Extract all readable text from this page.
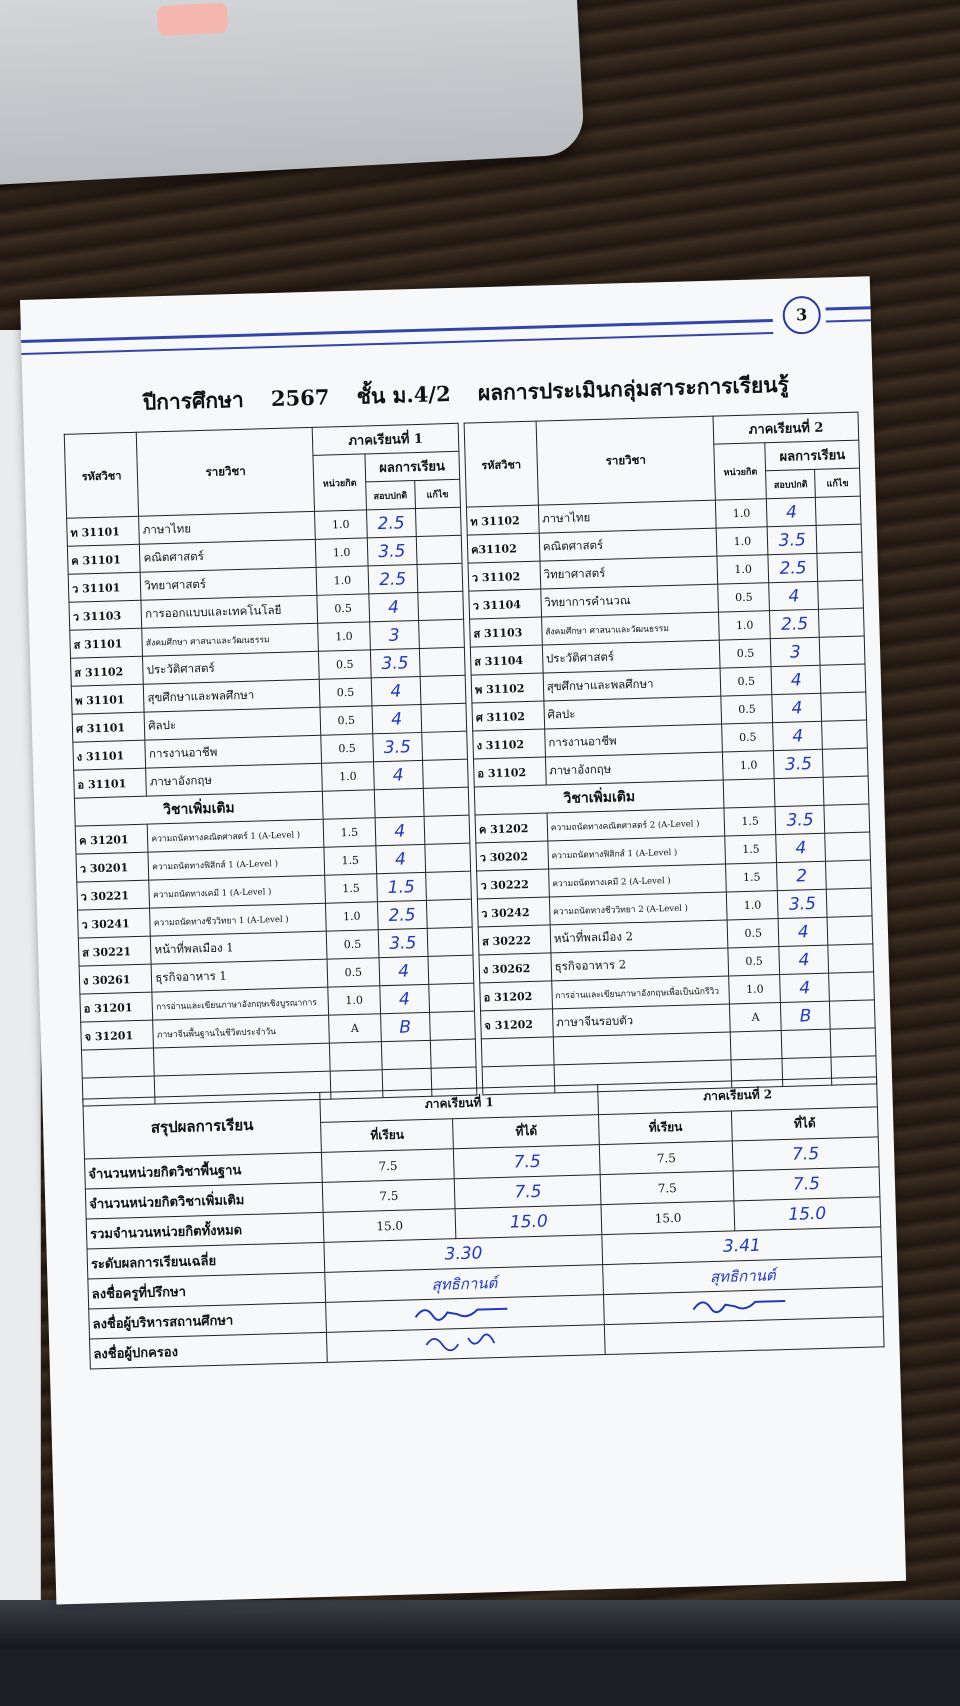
3
ปีการศึกษา 2567 ชั้น ม.4/2 ผลการประเมินกลุ่มสาระการเรียนรู้
รหัสวิชา	รายวิชา	ภาคเรียนที่ 1		
		หน่วยกิต	ผลการเรียน	
			สอบปกติ	แก้ไข
ท 31101	ภาษาไทย	1.0	2.5	
ค 31101	คณิตศาสตร์	1.0	3.5	
ว 31101	วิทยาศาสตร์	1.0	2.5	
ว 31103	การออกแบบและเทคโนโลยี	0.5	4	
ส 31101	สังคมศึกษา ศาสนาและวัฒนธรรม	1.0	3	
ส 31102	ประวัติศาสตร์	0.5	3.5	
พ 31101	สุขศึกษาและพลศึกษา	0.5	4	
ศ 31101	ศิลปะ	0.5	4	
ง 31101	การงานอาชีพ	0.5	3.5	
อ 31101	ภาษาอังกฤษ	1.0	4	
วิชาเพิ่มเติม				
ค 31201	ความถนัดทางคณิตศาสตร์ 1 (A-Level )	1.5	4	
ว 30201	ความถนัดทางฟิสิกส์ 1 (A-Level )	1.5	4	
ว 30221	ความถนัดทางเคมี 1 (A-Level )	1.5	1.5	
ว 30241	ความถนัดทางชีววิทยา 1 (A-Level )	1.0	2.5	
ส 30221	หน้าที่พลเมือง 1	0.5	3.5	
ง 30261	ธุรกิจอาหาร 1	0.5	4	
อ 31201	การอ่านและเขียนภาษาอังกฤษเชิงบูรณาการ	1.0	4	
จ 31201	ภาษาจีนพื้นฐานในชีวิตประจำวัน	A	B	

รหัสวิชา	รายวิชา	ภาคเรียนที่ 2		
		หน่วยกิต	ผลการเรียน	
			สอบปกติ	แก้ไข
ท 31102	ภาษาไทย	1.0	4	
ค31102	คณิตศาสตร์	1.0	3.5	
ว 31102	วิทยาศาสตร์	1.0	2.5	
ว 31104	วิทยาการคำนวณ	0.5	4	
ส 31103	สังคมศึกษา ศาสนาและวัฒนธรรม	1.0	2.5	
ส 31104	ประวัติศาสตร์	0.5	3	
พ 31102	สุขศึกษาและพลศึกษา	0.5	4	
ศ 31102	ศิลปะ	0.5	4	
ง 31102	การงานอาชีพ	0.5	4	
อ 31102	ภาษาอังกฤษ	1.0	3.5	
วิชาเพิ่มเติม				
ค 31202	ความถนัดทางคณิตศาสตร์ 2 (A-Level )	1.5	3.5	
ว 30202	ความถนัดทางฟิสิกส์ 1 (A-Level )	1.5	4	
ว 30222	ความถนัดทางเคมี 2 (A-Level )	1.5	2	
ว 30242	ความถนัดทางชีววิทยา 2 (A-Level )	1.0	3.5	
ส 30222	หน้าที่พลเมือง 2	0.5	4	
ง 30262	ธุรกิจอาหาร 2	0.5	4	
อ 31202	การอ่านและเขียนภาษาอังกฤษเพื่อเป็นนักรีวิว	1.0	4	
จ 31202	ภาษาจีนรอบตัว	A	B	

สรุปผลการเรียน	ภาคเรียนที่ 1		ภาคเรียนที่ 2	
	ที่เรียน	ที่ได้	ที่เรียน	ที่ได้
จำนวนหน่วยกิตวิชาพื้นฐาน	7.5	7.5	7.5	7.5
จำนวนหน่วยกิตวิชาเพิ่มเติม	7.5	7.5	7.5	7.5
รวมจำนวนหน่วยกิตทั้งหมด	15.0	15.0	15.0	15.0
ระดับผลการเรียนเฉลี่ย	3.30		3.41	
ลงชื่อครูที่ปรึกษา	สุทธิกานต์		สุทธิกานต์	
ลงชื่อผู้บริหารสถานศึกษา		
ลงชื่อผู้ปกครอง		
